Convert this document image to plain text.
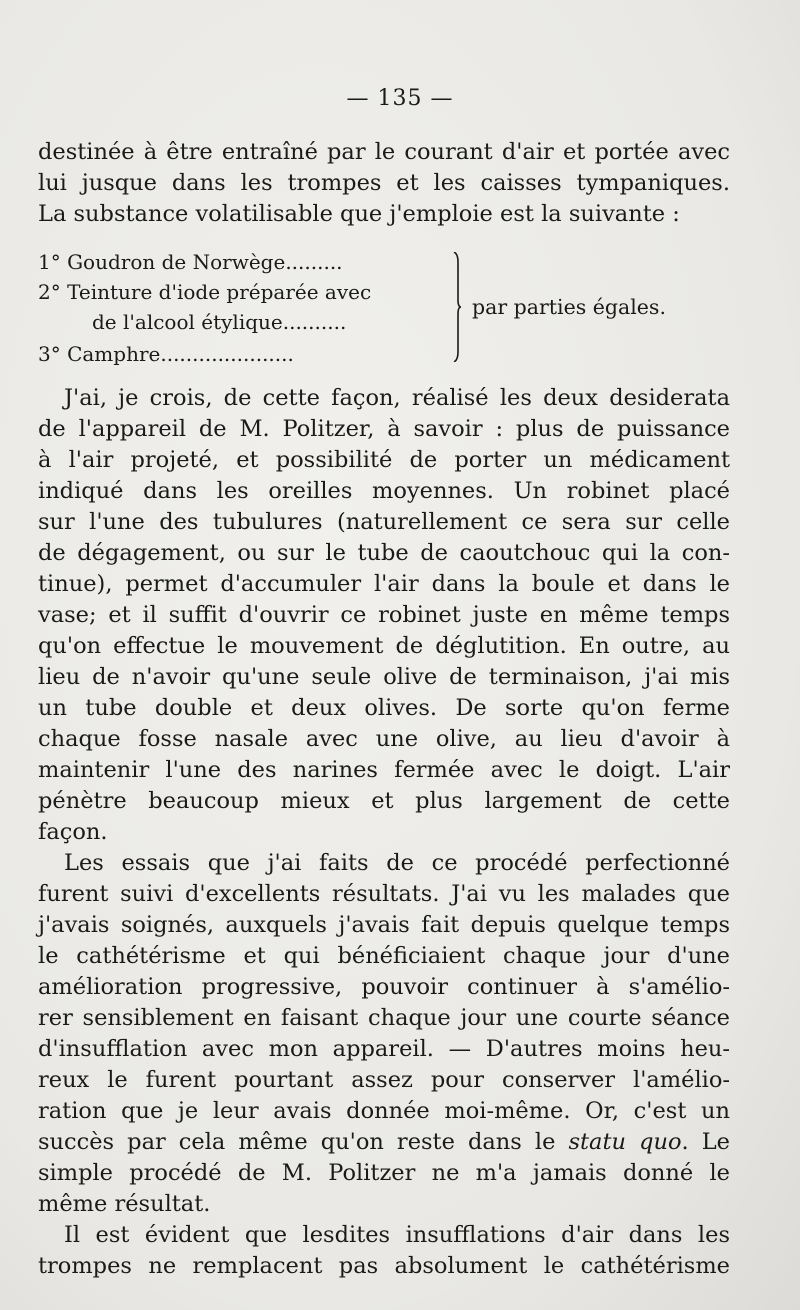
— 135 —
destinée à être entraîné par le courant d'air et portée avec
lui jusque dans les trompes et les caisses tympaniques.
La substance volatilisable que j'emploie est la suivante :
1° Goudron de Norwège.........
2° Teinture d'iode préparée avec
de l'alcool étylique..........
3° Camphre.....................
par parties égales.
J'ai, je crois, de cette façon, réalisé les deux desiderata
de l'appareil de M. Politzer, à savoir : plus de puissance
à l'air projeté, et possibilité de porter un médicament
indiqué dans les oreilles moyennes. Un robinet placé
sur l'une des tubulures (naturellement ce sera sur celle
de dégagement, ou sur le tube de caoutchouc qui la con-
tinue), permet d'accumuler l'air dans la boule et dans le
vase; et il suffit d'ouvrir ce robinet juste en même temps
qu'on effectue le mouvement de déglutition. En outre, au
lieu de n'avoir qu'une seule olive de terminaison, j'ai mis
un tube double et deux olives. De sorte qu'on ferme
chaque fosse nasale avec une olive, au lieu d'avoir à
maintenir l'une des narines fermée avec le doigt. L'air
pénètre beaucoup mieux et plus largement de cette
façon.
Les essais que j'ai faits de ce procédé perfectionné
furent suivi d'excellents résultats. J'ai vu les malades que
j'avais soignés, auxquels j'avais fait depuis quelque temps
le cathétérisme et qui bénéficiaient chaque jour d'une
amélioration progressive, pouvoir continuer à s'amélio-
rer sensiblement en faisant chaque jour une courte séance
d'insufflation avec mon appareil. — D'autres moins heu-
reux le furent pourtant assez pour conserver l'amélio-
ration que je leur avais donnée moi-même. Or, c'est un
succès par cela même qu'on reste dans le statu quo. Le
simple procédé de M. Politzer ne m'a jamais donné le
même résultat.
Il est évident que lesdites insufflations d'air dans les
trompes ne remplacent pas absolument le cathétérisme
